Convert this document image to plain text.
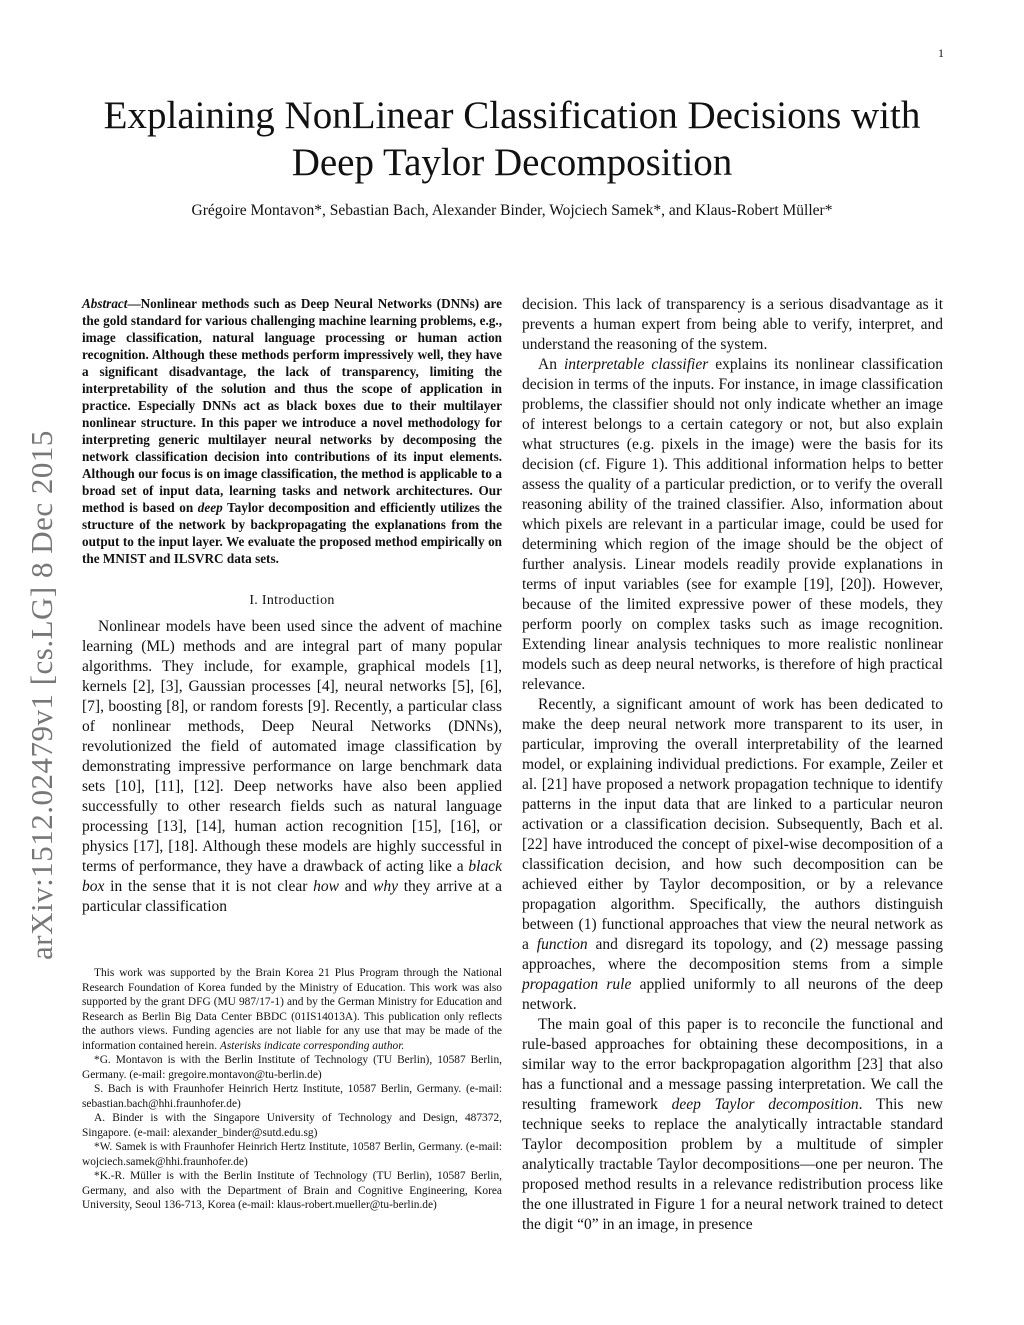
1
arXiv:1512.02479v1 [cs.LG] 8 Dec 2015
Explaining NonLinear Classification Decisions with
Deep Taylor Decomposition
Grégoire Montavon*, Sebastian Bach, Alexander Binder, Wojciech Samek*, and Klaus-Robert Müller*

Abstract—Nonlinear methods such as Deep Neural Networks (DNNs) are the gold standard for various challenging machine learning problems, e.g., image classification, natural language processing or human action recognition. Although these methods perform impressively well, they have a significant disadvantage, the lack of transparency, limiting the interpretability of the solution and thus the scope of application in practice. Especially DNNs act as black boxes due to their multilayer nonlinear structure. In this paper we introduce a novel methodology for interpreting generic multilayer neural networks by decomposing the network classification decision into contributions of its input elements. Although our focus is on image classification, the method is applicable to a broad set of input data, learning tasks and network architectures. Our method is based on deep Taylor decomposition and efficiently utilizes the structure of the network by backpropagating the explanations from the output to the input layer. We evaluate the proposed method empirically on the MNIST and ILSVRC data sets.

I. Introduction

Nonlinear models have been used since the advent of machine learning (ML) methods and are integral part of many popular algorithms. They include, for example, graphical models [1], kernels [2], [3], Gaussian processes [4], neural networks [5], [6], [7], boosting [8], or random forests [9]. Recently, a particular class of nonlinear methods, Deep Neural Networks (DNNs), revolutionized the field of automated image classification by demonstrating impressive performance on large benchmark data sets [10], [11], [12]. Deep networks have also been applied successfully to other research fields such as natural language processing [13], [14], human action recognition [15], [16], or physics [17], [18]. Although these models are highly successful in terms of performance, they have a drawback of acting like a black box in the sense that it is not clear how and why they arrive at a particular classification

This work was supported by the Brain Korea 21 Plus Program through the National Research Foundation of Korea funded by the Ministry of Education. This work was also supported by the grant DFG (MU 987/17-1) and by the German Ministry for Education and Research as Berlin Big Data Center BBDC (01IS14013A). This publication only reflects the authors views. Funding agencies are not liable for any use that may be made of the information contained herein. Asterisks indicate corresponding author.

*G. Montavon is with the Berlin Institute of Technology (TU Berlin), 10587 Berlin, Germany. (e-mail: gregoire.montavon@tu-berlin.de)

S. Bach is with Fraunhofer Heinrich Hertz Institute, 10587 Berlin, Germany. (e-mail: sebastian.bach@hhi.fraunhofer.de)

A. Binder is with the Singapore University of Technology and Design, 487372, Singapore. (e-mail: alexander_binder@sutd.edu.sg)

*W. Samek is with Fraunhofer Heinrich Hertz Institute, 10587 Berlin, Germany. (e-mail: wojciech.samek@hhi.fraunhofer.de)

*K.-R. Müller is with the Berlin Institute of Technology (TU Berlin), 10587 Berlin, Germany, and also with the Department of Brain and Cognitive Engineering, Korea University, Seoul 136-713, Korea (e-mail: klaus-robert.mueller@tu-berlin.de)

decision. This lack of transparency is a serious disadvantage as it prevents a human expert from being able to verify, interpret, and understand the reasoning of the system.

An interpretable classifier explains its nonlinear classification decision in terms of the inputs. For instance, in image classification problems, the classifier should not only indicate whether an image of interest belongs to a certain category or not, but also explain what structures (e.g. pixels in the image) were the basis for its decision (cf. Figure 1). This additional information helps to better assess the quality of a particular prediction, or to verify the overall reasoning ability of the trained classifier. Also, information about which pixels are relevant in a particular image, could be used for determining which region of the image should be the object of further analysis. Linear models readily provide explanations in terms of input variables (see for example [19], [20]). However, because of the limited expressive power of these models, they perform poorly on complex tasks such as image recognition. Extending linear analysis techniques to more realistic nonlinear models such as deep neural networks, is therefore of high practical relevance.

Recently, a significant amount of work has been dedicated to make the deep neural network more transparent to its user, in particular, improving the overall interpretability of the learned model, or explaining individual predictions. For example, Zeiler et al. [21] have proposed a network propagation technique to identify patterns in the input data that are linked to a particular neuron activation or a classification decision. Subsequently, Bach et al. [22] have introduced the concept of pixel-wise decomposition of a classification decision, and how such decomposition can be achieved either by Taylor decomposition, or by a relevance propagation algorithm. Specifically, the authors distinguish between (1) functional approaches that view the neural network as a function and disregard its topology, and (2) message passing approaches, where the decomposition stems from a simple propagation rule applied uniformly to all neurons of the deep network.

The main goal of this paper is to reconcile the functional and rule-based approaches for obtaining these decompositions, in a similar way to the error backpropagation algorithm [23] that also has a functional and a message passing interpretation. We call the resulting framework deep Taylor decomposition. This new technique seeks to replace the analytically intractable standard Taylor decomposition problem by a multitude of simpler analytically tractable Taylor decompositions—one per neuron. The proposed method results in a relevance redistribution process like the one illustrated in Figure 1 for a neural network trained to detect the digit “0” in an image, in presence
